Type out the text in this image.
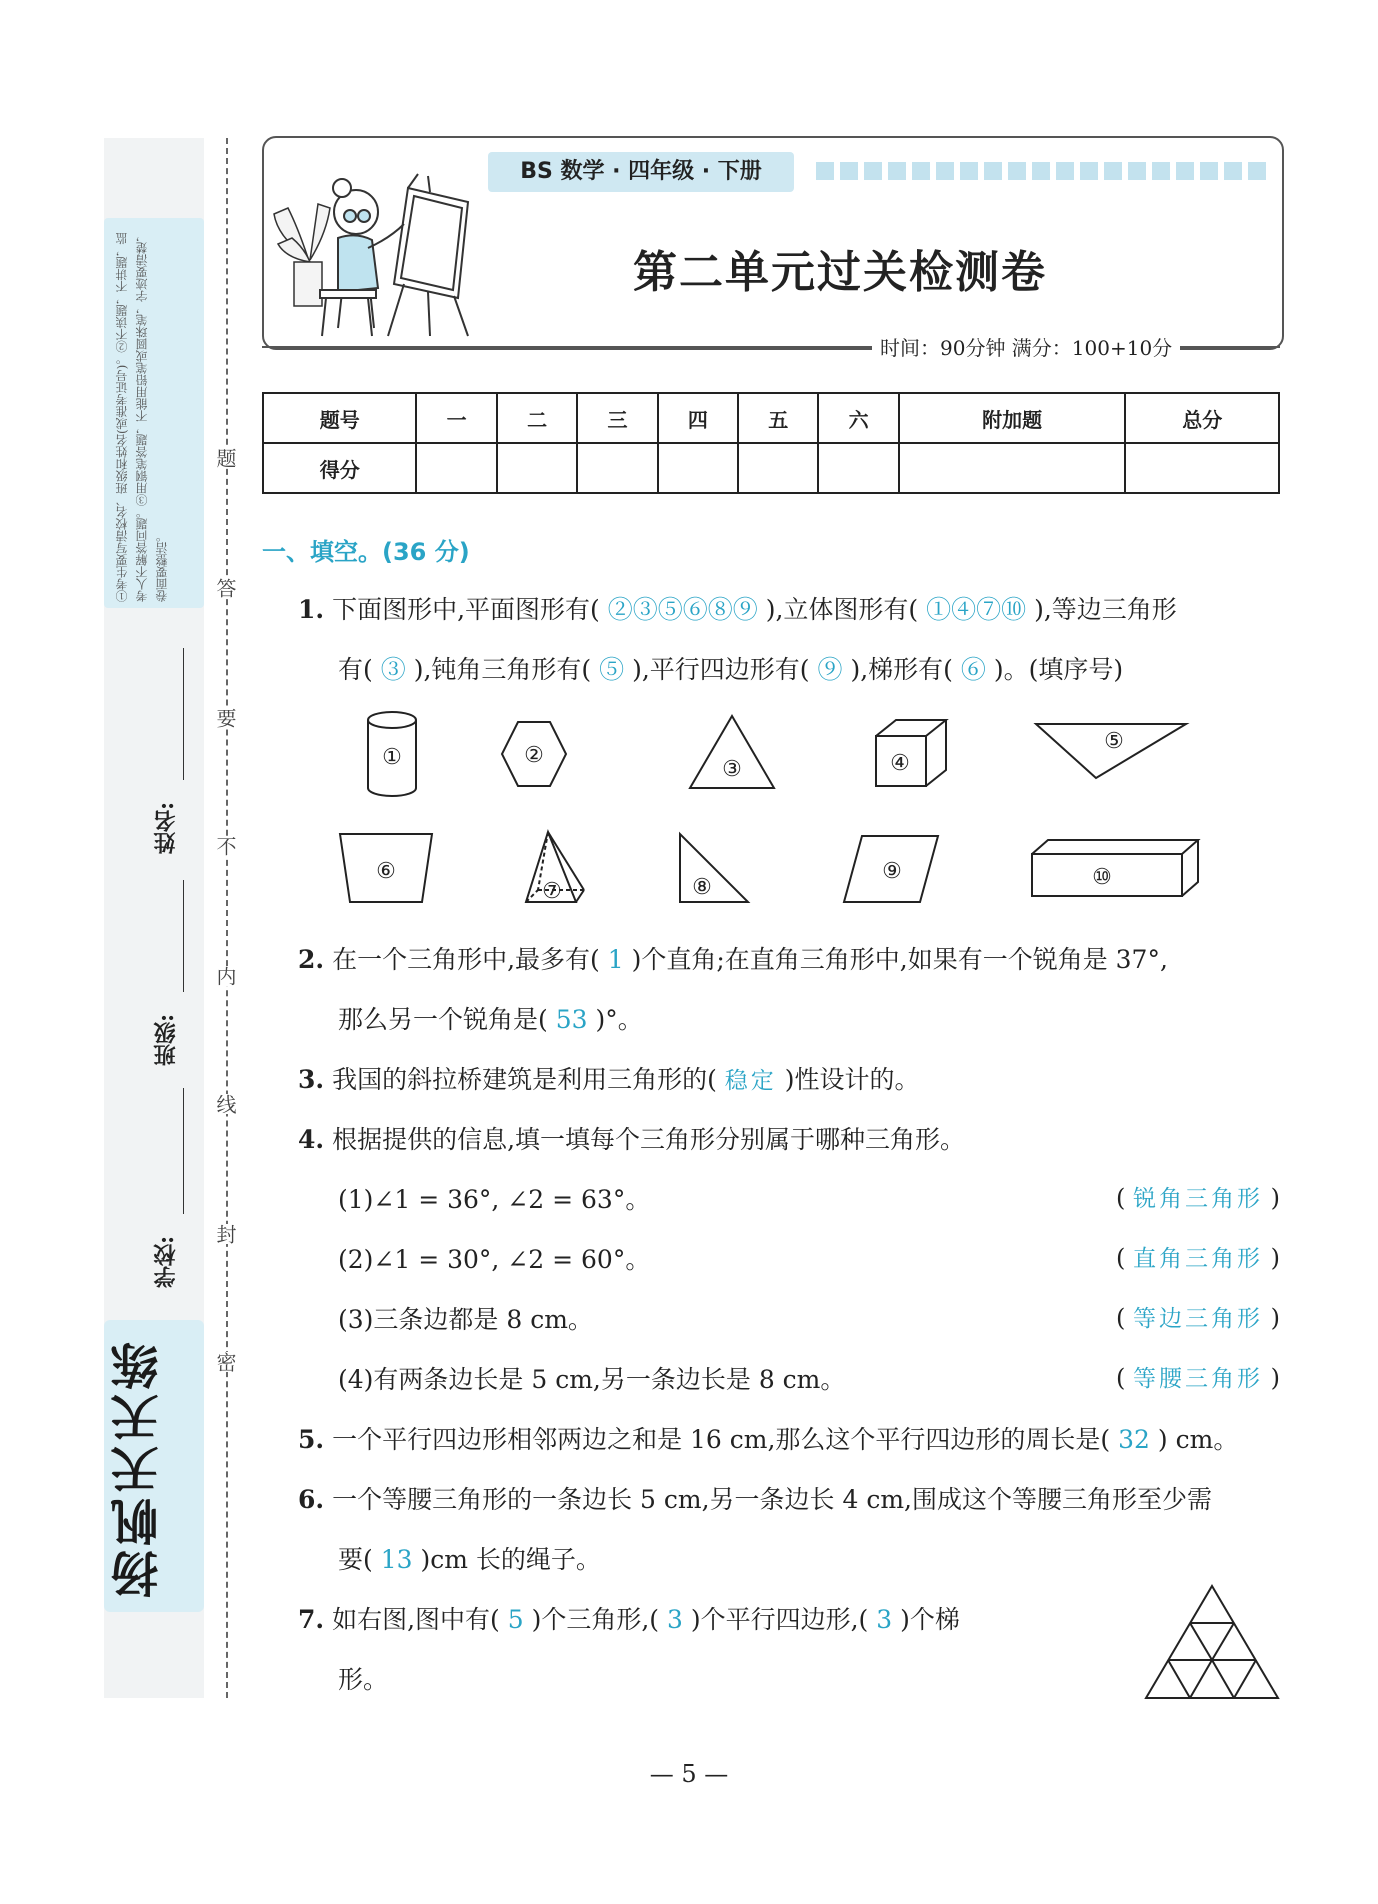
①考生要写清校名、班级和姓名(或准考证号)。②不读题，不讲题，监考人不解答问题。③用钢笔答题，不能用铅笔或圆珠笔，字迹要清楚，卷面要整洁。
题
答
要
不
内
线
封
密
姓名:
班级:
学校:
扬帆天天练
BS 数学 · 四年级 · 下册
第二单元过关检测卷
时间：90分钟 满分：100+10分
题号	一	二	三	四	五	六	附加题	总分
得分								
一、填空。(36 分)
1. 下面图形中,平面图形有( ②③⑤⑥⑧⑨ ),立体图形有( ①④⑦⑩ ),等边三角形
有( ③ ),钝角三角形有( ⑤ ),平行四边形有( ⑨ ),梯形有( ⑥ )。(填序号)
①	②
③	④
⑤
⑥
⑦	⑧
⑨	⑩
2. 在一个三角形中,最多有( 1 )个直角;在直角三角形中,如果有一个锐角是 37°,
那么另一个锐角是( 53 )°。
3. 我国的斜拉桥建筑是利用三角形的( 稳定 )性设计的。
4. 根据提供的信息,填一填每个三角形分别属于哪种三角形。
(1)∠1 = 36°, ∠2 = 63°。	( 锐角三角形 )
(2)∠1 = 30°, ∠2 = 60°。	( 直角三角形 )
(3)三条边都是 8 cm。	( 等边三角形 )
(4)有两条边长是 5 cm,另一条边长是 8 cm。	( 等腰三角形 )
5. 一个平行四边形相邻两边之和是 16 cm,那么这个平行四边形的周长是( 32 ) cm。
6. 一个等腰三角形的一条边长 5 cm,另一条边长 4 cm,围成这个等腰三角形至少需
要( 13 )cm 长的绳子。
7. 如右图,图中有( 5 )个三角形,( 3 )个平行四边形,( 3 )个梯
形。
— 5 —
